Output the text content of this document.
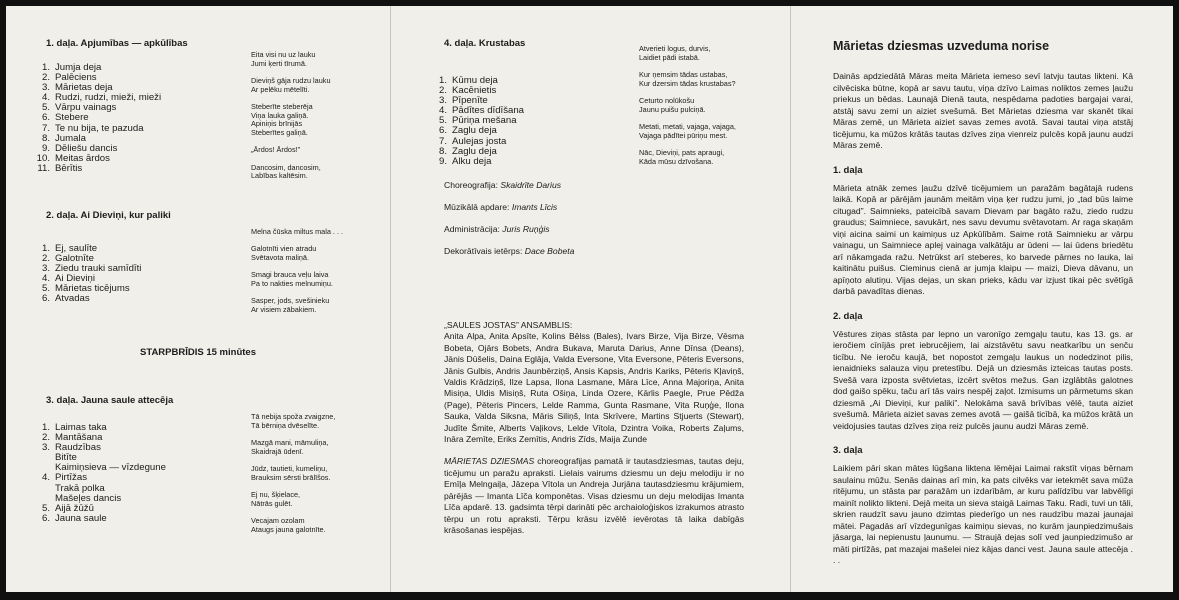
1. daļa. Apjumības — apkūlības
1. Jumja deja
2. Palēciens
3. Mārietas deja
4. Rudzi, rudzi, mieži, mieži
5. Vārpu vainags
6. Stebere
7. Te nu bija, te pazuda
8. Jumala
9. Dēliešu dancis
10. Meitas ārdos
11. Bērītis
Eita visi nu uz lauku
Jumi ķerti tīrumā.
Dieviņš gāja rudzu lauku
Ar pelēku mētelīti.
Steberīte steberēja
Viņa lauka galiņā.
Apiniņis brīnijās
Steberītes galiņā.
„Ārdos! Ārdos!”
Dancosim, dancosim,
Labības kaltēsim.
2. daļa. Ai Dieviņi, kur paliki
1. Ej, saulīte
2. Galotnīte
3. Ziedu trauki samīdīti
4. Ai Dieviņi
5. Mārietas ticējums
6. Atvadas
Melna čūska miltus mala . . .
Galotnīti vien atradu
Svētavota maliņā.
Smagi brauca veļu laiva
Pa to nakties melnumiņu.
Sasper, jods, svešinieku
Ar visiem zābakiem.
STARPBRĪDIS 15 minūtes
3. daļa. Jauna saule attecēja
1. Laimas taka
2. Mantāšana
3. Raudzības
Bitīte
Kaimiņsieva — vīzdegune
4. Pirtīžas
Trakā polka
Mašeļes dancis
5. Aijā žūžū
6. Jauna saule
Tā nebija spoža zvaigzne,
Tā bērniņa dvēselīte.
Mazgā mani, māmuliņa,
Skaidrajā ūdenī.
Jūdz, tautieti, kumeliņu,
Brauksim sērsti brālīšos.
Ej nu, šķielace,
Nātrās gulēt.
Vecajam ozolam
Ataugs jauna galotnīte.
4. daļa. Krustabas
1. Kūmu deja
2. Kacēnietis
3. Pīpenīte
4. Pādītes dīdīšana
5. Pūriņa mešana
6. Zaglu deja
7. Aulejas josta
8. Zaglu deja
9. Alku deja
Atverieti logus, durvis,
Laidiet pādi istabā.
Kur ņemsim tādas ustabas,
Kur dzersim tādas krustabas?
Ceturto nolūkošu
Jaunu puišu pulciņā.
Metati, metati, vajaga, vajaga,
Vajaga pādītei pūriņu mest.
Nāc, Dieviņi, pats apraugi,
Kāda mūsu dzīvošana.
Choreografija: Skaidrīte Darius
Mūzikālā apdare: Imants Līcis
Administrācija: Juris Ruņģis
Dekorātīvais ietērps: Dace Bobeta
„SAULES JOSTAS” ANSAMBLIS:
Anita Alpa, Anita Apsīte, Kolins Bēlss (Bales), Ivars Birze, Vija Birze, Vēsma Bobeta, Ojārs Bobets, Andra Bukava, Maruta Darius, Anne Dīnsa (Deans), Jānis Dūšelis, Daina Eglāja, Valda Eversone, Vita Eversone, Pēteris Eversons, Jānis Gulbis, Andris Jaunbērziņš, Ansis Kapsis, Andris Kariks, Pēteris Kļaviņš, Valdis Krādziņš, Ilze Lapsa, Ilona Lasmane, Māra Līce, Anna Majoriņa, Anita Misiņa, Uldis Misiņš, Ruta Ošiņa, Linda Ozere, Kārlis Paegle, Prue Pēdža (Page), Pēteris Pincers, Lelde Ramma, Gunta Rasmane, Vita Ruņģe, Ilona Sauka, Valda Siksna, Māris Siliņš, Inta Skrīvere, Martins Stjuerts (Stewart), Judīte Šmite, Alberts Vaļikovs, Lelde Vītola, Dzintra Voika, Roberts Zaļums, Ināra Zemīte, Eriks Zemītis, Andris Zīds, Maija Zunde
MĀRIETAS DZIESMAS choreografijas pamatā ir tautasdziesmas, tautas deju, ticējumu un paražu apraksti. Lielais vairums dziesmu un deju melodiju ir no Emīļa Melngaiļa, Jāzepa Vītola un Andreja Jurjāna tautasdziesmu krājumiem, pārējās — Imanta Līča komponētas. Visas dziesmu un deju melodijas Imanta Līča apdarē. 13. gadsimta tērpi darināti pēc archaioloģiskos izrakumos atrasto tērpu un rotu apraksti. Tērpu krāsu izvēlē ievērotas tā laika dabīgās krāsošanas iespējas.
Mārietas dziesmas uzveduma norise
Dainās apdziedātā Māras meita Mārieta iemeso sevī latvju tautas likteni. Kā cilvēciska būtne, kopā ar savu tautu, viņa dzīvo Laimas noliktos zemes ļaužu priekus un bēdas. Launajā Dienā tauta, nespēdama padoties bargajai varai, atstāj savu zemi un aiziet svešumā. Bet Mārietas dziesma var skanēt tikai Māras zemē, un Mārieta aiziet savas zemes avotā. Savai tautai viņa atstāj ticējumu, ka mūžos krātās tautas dzīves ziņa vienreiz pulcēs kopā jaunu audzi Māras zemē.
1. daļa
Mārieta atnāk zemes ļaužu dzīvē ticējumiem un paražām bagātajā rudens laikā. Kopā ar pārējām jaunām meitām viņa ķer rudzu jumi, jo „tad būs laime citugad”. Saimnieks, pateicībā savam Dievam par bagāto ražu, ziedo rudzu graudus; Saimniece, savukārt, nes savu devumu svētavotam. Ar raga skaņām viņi aicina saimi un kaimiņus uz Apkūlībām. Saime rotā Saimnieku ar vārpu vainagu, un Saimniece aplej vainaga valkātāju ar ūdeni — lai ūdens briedētu arī nākamgada ražu. Netrūkst arī steberes, ko barvede pārnes no lauka, lai kaitinātu puišus. Cieminus cienā ar jumja klaipu — maizi, Dieva dāvanu, un apīņoto alutiņu. Vijas dejas, un skan prieks, kādu var izjust tikai pēc svētīgā darbā pavadītas dienas.
2. daļa
Vēstures ziņas stāsta par lepno un varonīgo zemgaļu tautu, kas 13. gs. ar ieročiem cīnījās pret iebrucējiem, lai aizstāvētu savu neatkarību un senču ticību. Ne ieroču kaujā, bet nopostot zemgaļu laukus un nodedzinot pilis, ienaidnieks salauza viņu pretestību. Dejā un dziesmās izteicas tautas posts. Svešā vara izposta svētvietas, izcērt svētos mežus. Gan izglābtās galotnes dod gaišo spēku, taču arī tās vairs nespēj zaļot. Izmisums un pārmetums skan dziesmā „Ai Dieviņi, kur paliki”. Nelokāma savā brīvības vēlē, tauta aiziet svešumā. Mārieta aiziet savas zemes avotā — gaišā ticībā, ka mūžos krātā un veidojusies tautas dzīves ziņa reiz pulcēs jaunu audzi Māras zemē.
3. daļa
Laikiem pāri skan mātes lūgšana liktenа lēmējai Laimai rakstīt viņas bērnam saulainu mūžu. Senās dainas arī min, ka pats cilvēks var ietekmēt sava mūža ritējumu, un stāsta par paražām un izdarībām, ar kuru palīdzību var labvēlīgi mainīt nolikto likteni. Dejā meita un sieva staigā Laimas Taku. Radi, tuvi un tāli, skrien raudzīt savu jauno dzimtas piederīgo un nes raudzību mazai jaunajai mātei. Pagadās arī vīzdegunīgas kaimiņu sievas, no kurām jaunpiedzimušais jāsarga, lai nepienustu ļaunumu. — Straujā dejas solī ved jaunpiedzimušo ar māti pirtīžās, pat mazajai mašelei niez kājas danci vest. Jauna saule attecēja . . .
